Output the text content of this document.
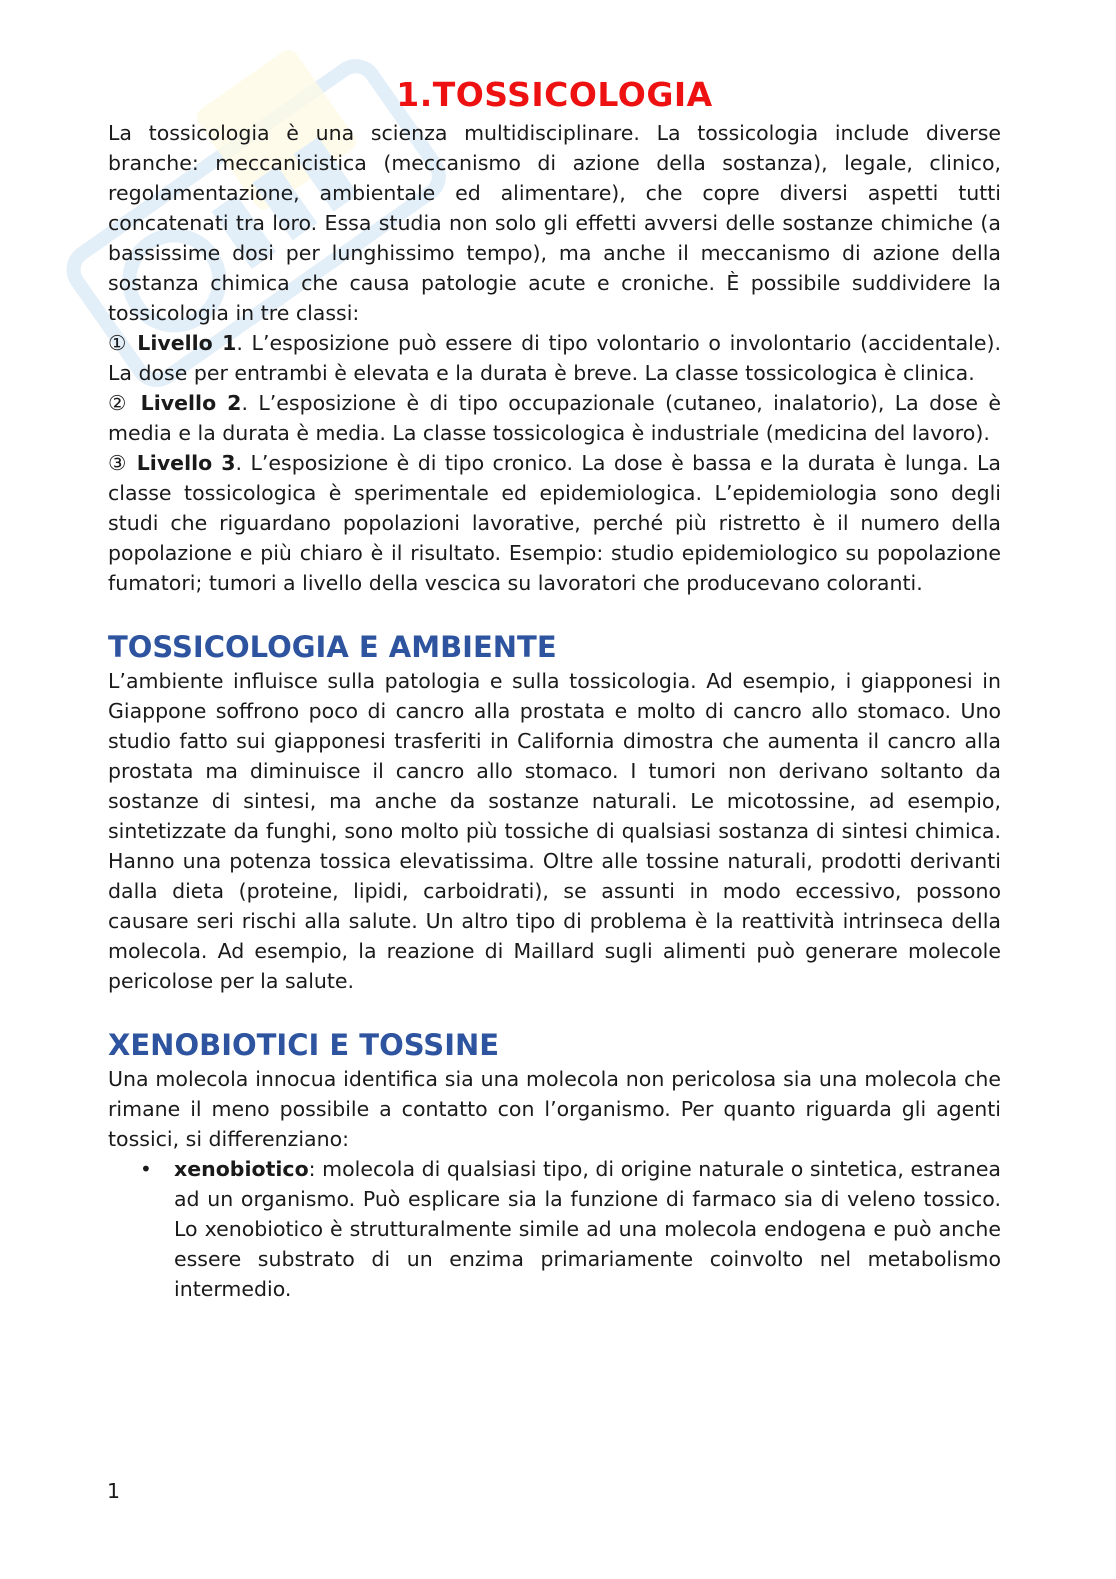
1.TOSSICOLOGIA

La tossicologia è una scienza multidisciplinare. La tossicologia include diverse branche: meccanicistica (meccanismo di azione della sostanza), legale, clinico, regolamentazione, ambientale ed alimentare), che copre diversi aspetti tutti concatenati tra loro. Essa studia non solo gli effetti avversi delle sostanze chimiche (a bassissime dosi per lunghissimo tempo), ma anche il meccanismo di azione della sostanza chimica che causa patologie acute e croniche. È possibile suddividere la tossicologia in tre classi:

① Livello 1. L’esposizione può essere di tipo volontario o involontario (accidentale). La dose per entrambi è elevata e la durata è breve. La classe tossicologica è clinica.

② Livello 2. L’esposizione è di tipo occupazionale (cutaneo, inalatorio), La dose è media e la durata è media. La classe tossicologica è industriale (medicina del lavoro).

③ Livello 3. L’esposizione è di tipo cronico. La dose è bassa e la durata è lunga. La classe tossicologica è sperimentale ed epidemiologica. L’epidemiologia sono degli studi che riguardano popolazioni lavorative, perché più ristretto è il numero della popolazione e più chiaro è il risultato. Esempio: studio epidemiologico su popolazione fumatori; tumori a livello della vescica su lavoratori che producevano coloranti.

TOSSICOLOGIA E AMBIENTE

L’ambiente influisce sulla patologia e sulla tossicologia. Ad esempio, i giapponesi in Giappone soffrono poco di cancro alla prostata e molto di cancro allo stomaco. Uno studio fatto sui giapponesi trasferiti in California dimostra che aumenta il cancro alla prostata ma diminuisce il cancro allo stomaco. I tumori non derivano soltanto da sostanze di sintesi, ma anche da sostanze naturali. Le micotossine, ad esempio, sintetizzate da funghi, sono molto più tossiche di qualsiasi sostanza di sintesi chimica. Hanno una potenza tossica elevatissima. Oltre alle tossine naturali, prodotti derivanti dalla dieta (proteine, lipidi, carboidrati), se assunti in modo eccessivo, possono causare seri rischi alla salute. Un altro tipo di problema è la reattività intrinseca della molecola. Ad esempio, la reazione di Maillard sugli alimenti può generare molecole pericolose per la salute.

XENOBIOTICI E TOSSINE

Una molecola innocua identifica sia una molecola non pericolosa sia una molecola che rimane il meno possibile a contatto con l’organismo. Per quanto riguarda gli agenti tossici, si differenziano:

• xenobiotico: molecola di qualsiasi tipo, di origine naturale o sintetica, estranea ad un organismo. Può esplicare sia la funzione di farmaco sia di veleno tossico. Lo xenobiotico è strutturalmente simile ad una molecola endogena e può anche essere substrato di un enzima primariamente coinvolto nel metabolismo intermedio.
1
